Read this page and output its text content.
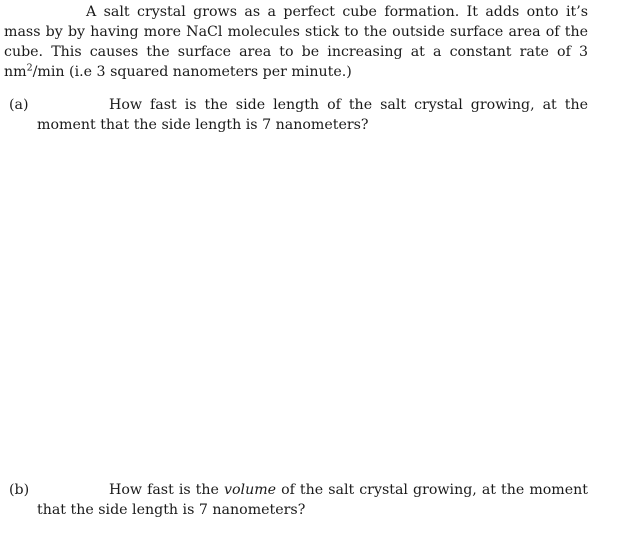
A salt crystal grows as a perfect cube formation. It adds onto it’s mass by by having more NaCl molecules stick to the outside surface area of the cube. This causes the surface area to be increasing at a constant rate of 3 $nm^2/\min$ (i.e 3 squared nanometers per minute.)

(a)	How fast is the side length of the salt crystal growing, at the moment that the side length is 7 nanometers?

(b)	How fast is the volume of the salt crystal growing, at the moment that the side length is 7 nanometers?
